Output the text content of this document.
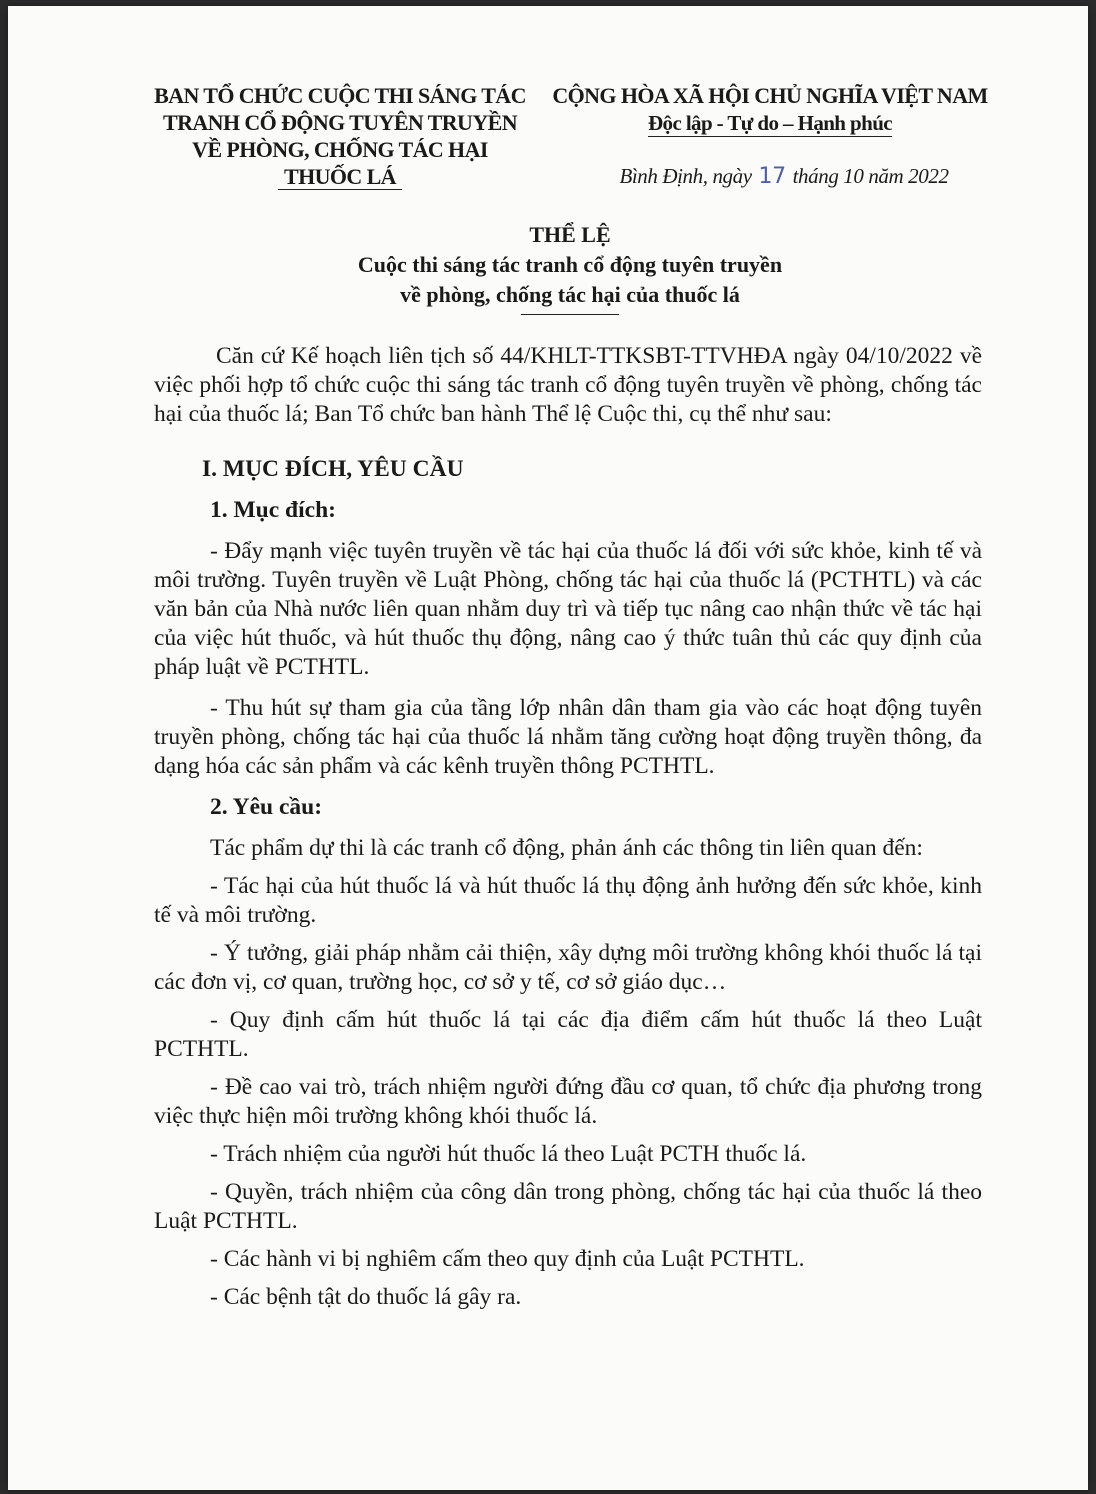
BAN TỔ CHỨC CUỘC THI SÁNG TÁC
TRANH CỔ ĐỘNG TUYÊN TRUYỀN
VỀ PHÒNG, CHỐNG TÁC HẠI
THUỐC LÁ
CỘNG HÒA XÃ HỘI CHỦ NGHĨA VIỆT NAM
Độc lập - Tự do – Hạnh phúc
Bình Định, ngày 17 tháng 10 năm 2022
THỂ LỆ
Cuộc thi sáng tác tranh cổ động tuyên truyền
về phòng, chống tác hại của thuốc lá

Căn cứ Kế hoạch liên tịch số 44/KHLT-TTKSBT-TTVHĐA ngày 04/10/2022 về việc phối hợp tổ chức cuộc thi sáng tác tranh cổ động tuyên truyền về phòng, chống tác hại của thuốc lá; Ban Tổ chức ban hành Thể lệ Cuộc thi, cụ thể như sau:

I. MỤC ĐÍCH, YÊU CẦU
1. Mục đích:

- Đẩy mạnh việc tuyên truyền về tác hại của thuốc lá đối với sức khỏe, kinh tế và môi trường. Tuyên truyền về Luật Phòng, chống tác hại của thuốc lá (PCTHTL) và các văn bản của Nhà nước liên quan nhằm duy trì và tiếp tục nâng cao nhận thức về tác hại của việc hút thuốc, và hút thuốc thụ động, nâng cao ý thức tuân thủ các quy định của pháp luật về PCTHTL.

- Thu hút sự tham gia của tầng lớp nhân dân tham gia vào các hoạt động tuyên truyền phòng, chống tác hại của thuốc lá nhằm tăng cường hoạt động truyền thông, đa dạng hóa các sản phẩm và các kênh truyền thông PCTHTL.

2. Yêu cầu:

Tác phẩm dự thi là các tranh cổ động, phản ánh các thông tin liên quan đến:

- Tác hại của hút thuốc lá và hút thuốc lá thụ động ảnh hưởng đến sức khỏe, kinh tế và môi trường.

- Ý tưởng, giải pháp nhằm cải thiện, xây dựng môi trường không khói thuốc lá tại các đơn vị, cơ quan, trường học, cơ sở y tế, cơ sở giáo dục…

- Quy định cấm hút thuốc lá tại các địa điểm cấm hút thuốc lá theo Luật PCTHTL.

- Đề cao vai trò, trách nhiệm người đứng đầu cơ quan, tổ chức địa phương trong việc thực hiện môi trường không khói thuốc lá.

- Trách nhiệm của người hút thuốc lá theo Luật PCTH thuốc lá.

- Quyền, trách nhiệm của công dân trong phòng, chống tác hại của thuốc lá theo Luật PCTHTL.

- Các hành vi bị nghiêm cấm theo quy định của Luật PCTHTL.

- Các bệnh tật do thuốc lá gây ra.
